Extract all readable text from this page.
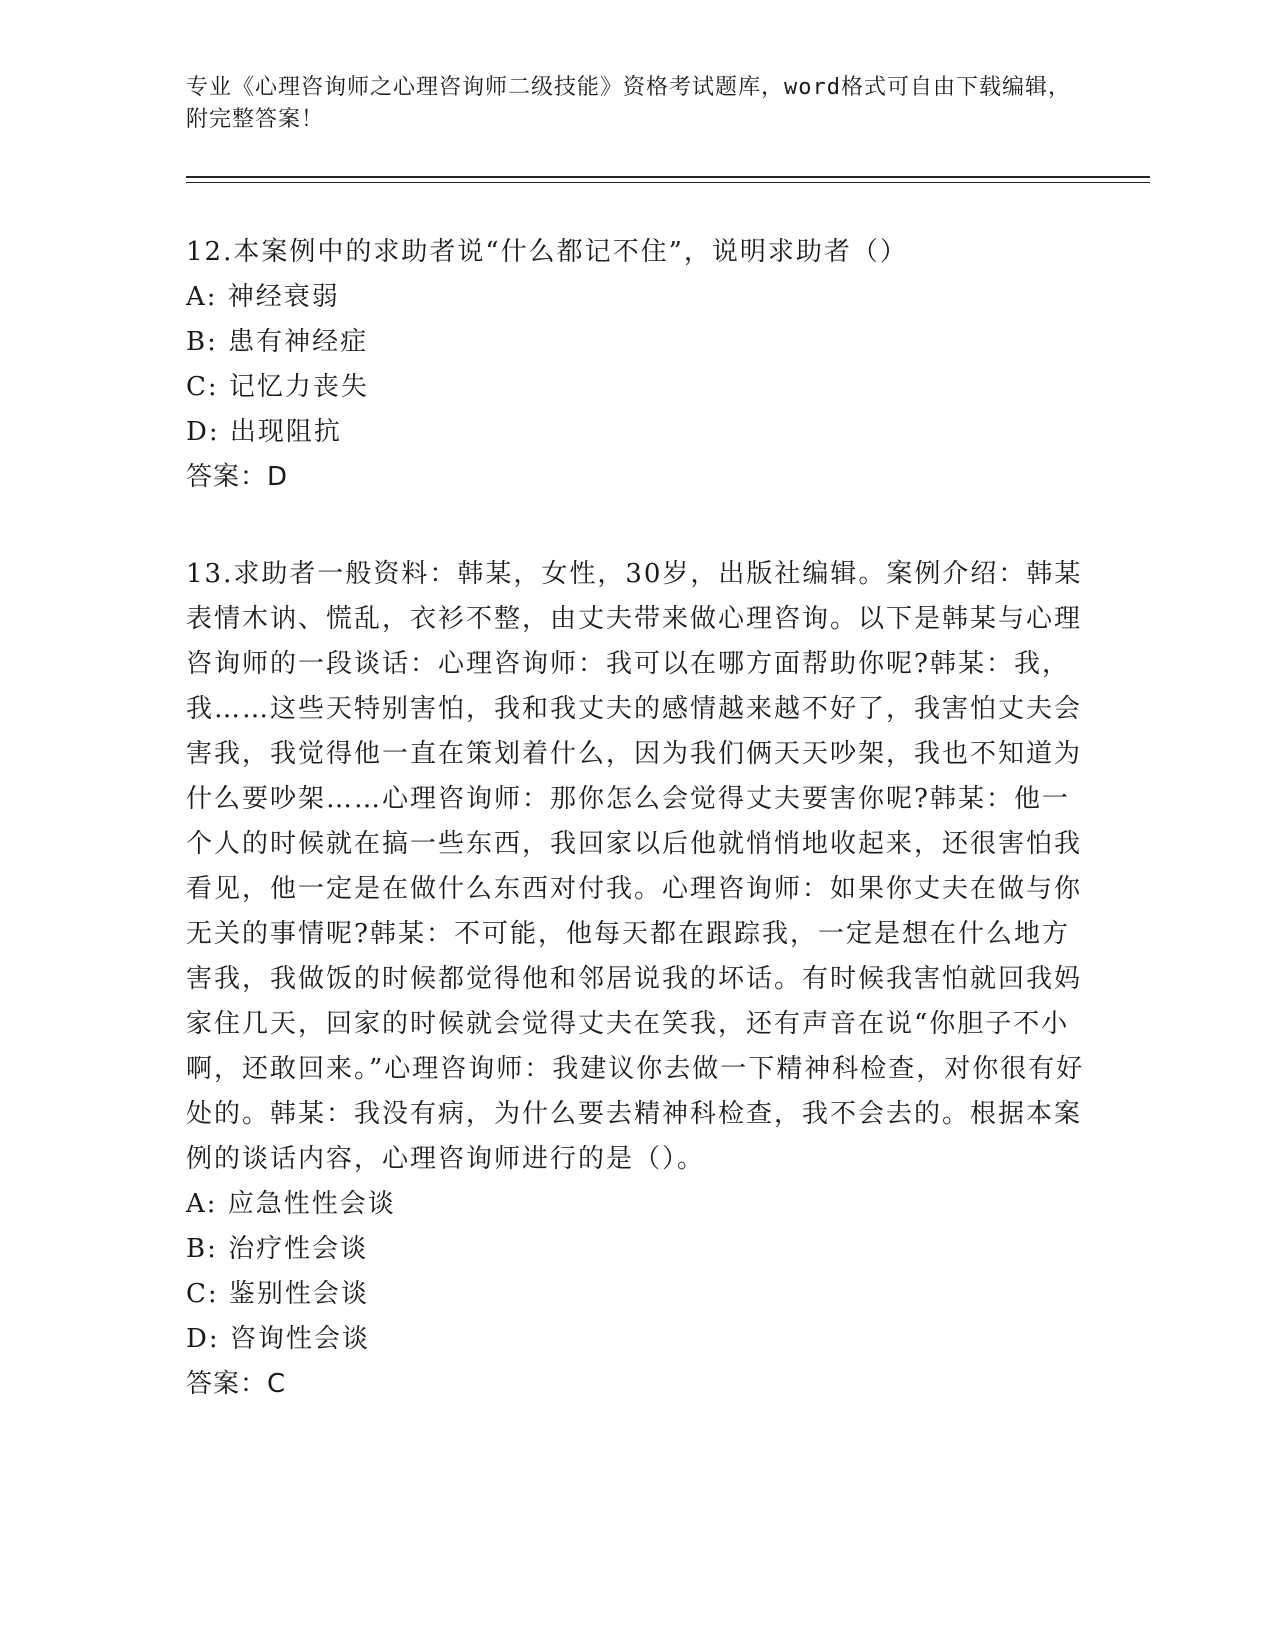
专业《心理咨询师之心理咨询师二级技能》资格考试题库，word格式可自由下载编辑，附完整答案！

12.本案例中的求助者说“什么都记不住”，说明求助者（）

A: 神经衰弱

B: 患有神经症

C: 记忆力丧失

D: 出现阻抗

答案：D

13.求助者一般资料：韩某，女性，30岁，出版社编辑。案例介绍：韩某表情木讷、慌乱，衣衫不整，由丈夫带来做心理咨询。以下是韩某与心理咨询师的一段谈话：心理咨询师：我可以在哪方面帮助你呢?韩某：我，我……这些天特别害怕，我和我丈夫的感情越来越不好了，我害怕丈夫会害我，我觉得他一直在策划着什么，因为我们俩天天吵架，我也不知道为什么要吵架……心理咨询师：那你怎么会觉得丈夫要害你呢?韩某：他一个人的时候就在搞一些东西，我回家以后他就悄悄地收起来，还很害怕我看见，他一定是在做什么东西对付我。心理咨询师：如果你丈夫在做与你无关的事情呢?韩某：不可能，他每天都在跟踪我，一定是想在什么地方害我，我做饭的时候都觉得他和邻居说我的坏话。有时候我害怕就回我妈家住几天，回家的时候就会觉得丈夫在笑我，还有声音在说“你胆子不小啊，还敢回来。”心理咨询师：我建议你去做一下精神科检查，对你很有好处的。韩某：我没有病，为什么要去精神科检查，我不会去的。根据本案例的谈话内容，心理咨询师进行的是（）。

A: 应急性性会谈

B: 治疗性会谈

C: 鉴别性会谈

D: 咨询性会谈

答案：C
